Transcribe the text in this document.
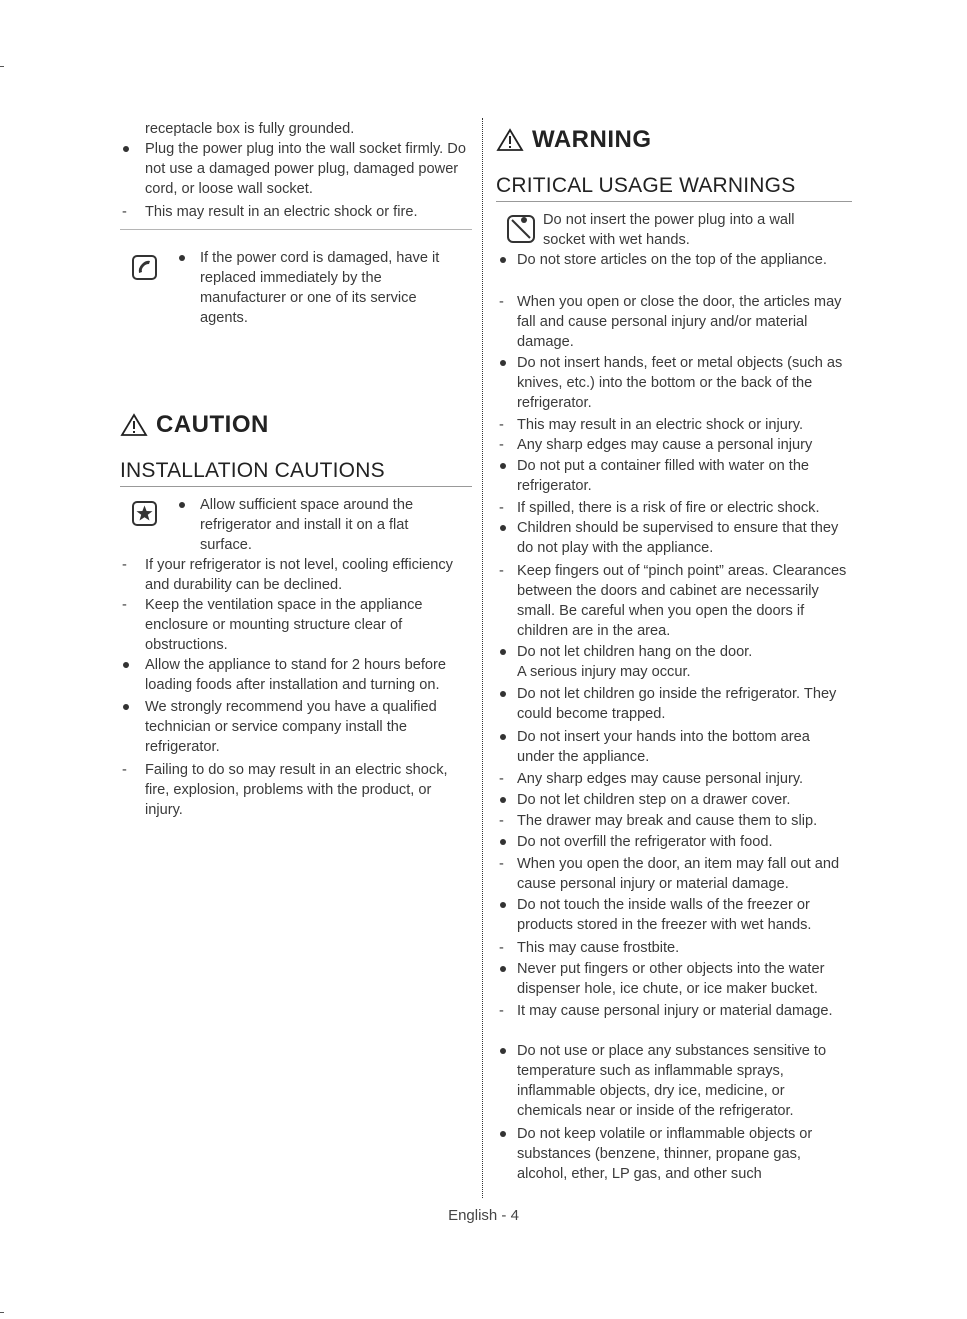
receptacle box is fully grounded.
Plug the power plug into the wall socket firmly. Do not use a damaged power plug, damaged power cord, or loose wall socket.
This may result in an electric shock or fire.
If the power cord is damaged, have it replaced immediately by the manufacturer or one of its service agents.
CAUTION
INSTALLATION CAUTIONS
Allow sufficient space around the refrigerator and install it on a flat surface.
If your refrigerator is not level, cooling efficiency and durability can be declined.
Keep the ventilation space in the appliance enclosure or mounting structure clear of obstructions.
Allow the appliance to stand for 2 hours before loading foods after installation and turning on.
We strongly recommend you have a qualified technician or service company install the refrigerator.
Failing to do so may result in an electric shock, fire, explosion, problems with the product, or injury.
WARNING
CRITICAL USAGE WARNINGS
Do not insert the power plug into a wall socket with wet hands.
Do not store articles on the top of the appliance.
When you open or close the door, the articles may fall and cause personal injury and/or material damage.
Do not insert hands, feet or metal objects (such as knives, etc.) into the bottom or the back of the refrigerator.
This may result in an electric shock or injury.
Any sharp edges may cause a personal injury
Do not put a container filled with water on the refrigerator.
If spilled, there is a risk of fire or electric shock.
Children should be supervised to ensure that they do not play with the appliance.
Keep fingers out of “pinch point” areas. Clearances between the doors and cabinet are necessarily small. Be careful when you open the doors if children are in the area.
Do not let children hang on the door.
A serious injury may occur.
Do not let children go inside the refrigerator. They could become trapped.
Do not insert your hands into the bottom area under the appliance.
Any sharp edges may cause personal injury.
Do not let children step on a drawer cover.
The drawer may break and cause them to slip.
Do not overfill the refrigerator with food.
When you open the door, an item may fall out and cause personal injury or material damage.
Do not touch the inside walls of the freezer or products stored in the freezer with wet hands.
This may cause frostbite.
Never put fingers or other objects into the water dispenser hole, ice chute, or ice maker bucket.
It may cause personal injury or material damage.
Do not use or place any substances sensitive to temperature such as inflammable sprays, inflammable objects, dry ice, medicine, or chemicals near or inside of the refrigerator.
Do not keep volatile or inflammable objects or substances (benzene, thinner, propane gas, alcohol, ether, LP gas, and other such
English - 4
